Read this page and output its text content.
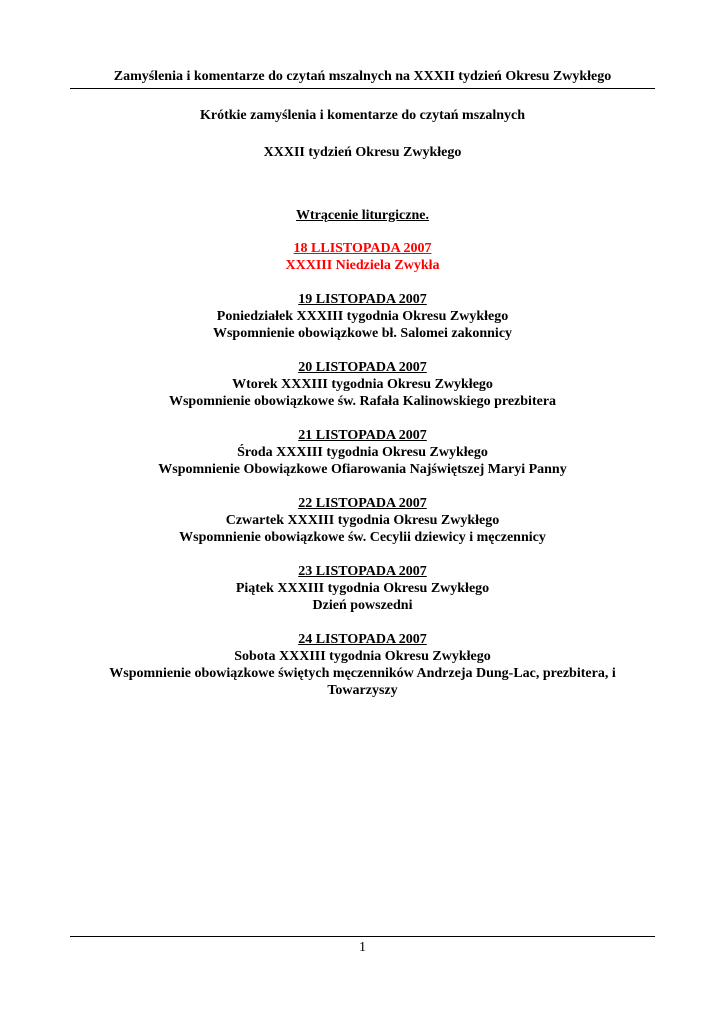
Zamyślenia i komentarze do czytań mszalnych na XXXII tydzień Okresu Zwykłego
Krótkie zamyślenia i komentarze do czytań mszalnych
XXXII tydzień Okresu Zwykłego
Wtrącenie liturgiczne.
18 LLISTOPADA 2007
XXXIII Niedziela Zwykła
19 LISTOPADA 2007
Poniedziałek XXXIII tygodnia Okresu Zwykłego
Wspomnienie obowiązkowe bł. Salomei zakonnicy
20 LISTOPADA 2007
Wtorek XXXIII tygodnia Okresu Zwykłego
Wspomnienie obowiązkowe św. Rafała Kalinowskiego prezbitera
21 LISTOPADA 2007
Środa XXXIII tygodnia Okresu Zwykłego
Wspomnienie Obowiązkowe Ofiarowania Najświętszej Maryi Panny
22 LISTOPADA 2007
Czwartek XXXIII tygodnia Okresu Zwykłego
Wspomnienie obowiązkowe św. Cecylii dziewicy i męczennicy
23 LISTOPADA 2007
Piątek XXXIII tygodnia Okresu Zwykłego
Dzień powszedni
24 LISTOPADA 2007
Sobota XXXIII tygodnia Okresu Zwykłego
Wspomnienie obowiązkowe świętych męczenników Andrzeja Dung-Lac, prezbitera, i
Towarzyszy
1
